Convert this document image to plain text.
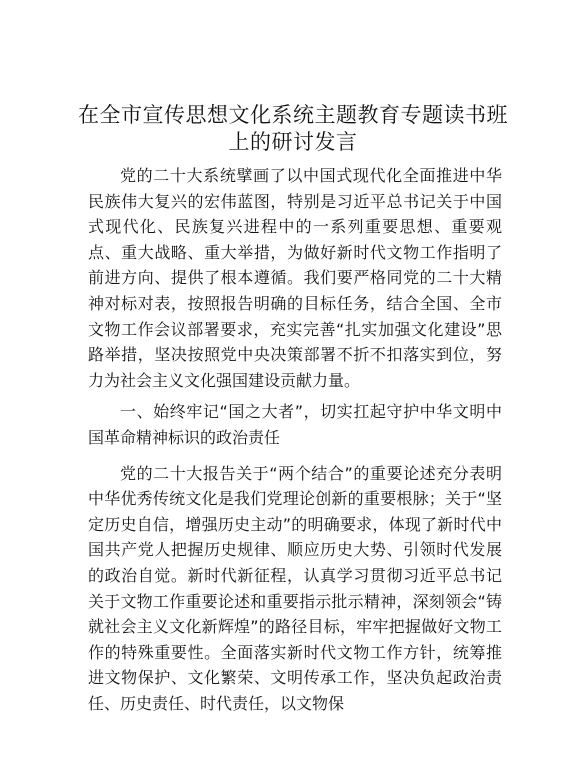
在全市宣传思想文化系统主题教育专题读书班
上的研讨发言

党的二十大系统擘画了以中国式现代化全面推进中华民族伟大复兴的宏伟蓝图，特别是习近平总书记关于中国式现代化、民族复兴进程中的一系列重要思想、重要观点、重大战略、重大举措，为做好新时代文物工作指明了前进方向、提供了根本遵循。我们要严格同党的二十大精神对标对表，按照报告明确的目标任务，结合全国、全市文物工作会议部署要求，充实完善“扎实加强文化建设”思路举措，坚决按照党中央决策部署不折不扣落实到位，努力为社会主义文化强国建设贡献力量。

一、始终牢记“国之大者”，切实扛起守护中华文明中国革命精神标识的政治责任

党的二十大报告关于“两个结合”的重要论述充分表明中华优秀传统文化是我们党理论创新的重要根脉；关于“坚定历史自信，增强历史主动”的明确要求，体现了新时代中国共产党人把握历史规律、顺应历史大势、引领时代发展的政治自觉。新时代新征程，认真学习贯彻习近平总书记关于文物工作重要论述和重要指示批示精神，深刻领会“铸就社会主义文化新辉煌”的路径目标，牢牢把握做好文物工作的特殊重要性。全面落实新时代文物工作方针，统筹推进文物保护、文化繁荣、文明传承工作，坚决负起政治责任、历史责任、时代责任，以文物保
